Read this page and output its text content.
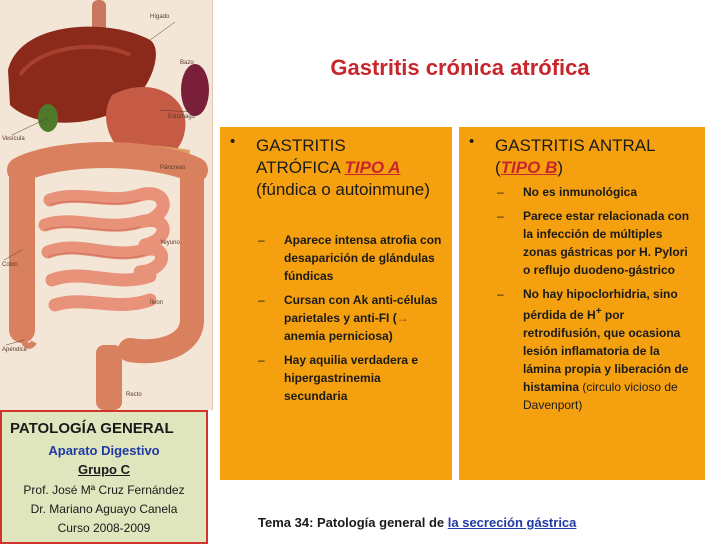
Hígado
Vesícula
Estómago
Páncreas
Bazo
Colon
Apéndice
Recto
Yeyuno
Íleon
PATOLOGÍA GENERAL
Aparato Digestivo
Grupo C
Prof. José Mª Cruz Fernández
Dr. Mariano Aguayo Canela
Curso 2008-2009
Gastritis crónica atrófica
• GASTRITIS
ATRÓFICA TIPO A (fúndica o autoinmune)
– Aparece intensa atrofia con desaparición de glándulas fúndicas
– Cursan con Ak anti-células parietales y anti-FI (→ anemia perniciosa)
– Hay aquilia verdadera e hipergastrinemia secundaria
• GASTRITIS ANTRAL
(TIPO B)
– No es inmunológica
– Parece estar relacionada con la infección de múltiples zonas gástricas por H. Pylori o reflujo duodeno-gástrico
– No hay hipoclorhidria, sino pérdida de H+ por retrodifusión, que ocasiona lesión inflamatoria de la lámina propia y liberación de histamina (circulo vicioso de Davenport)
Tema 34: Patología general de la secreción gástrica
